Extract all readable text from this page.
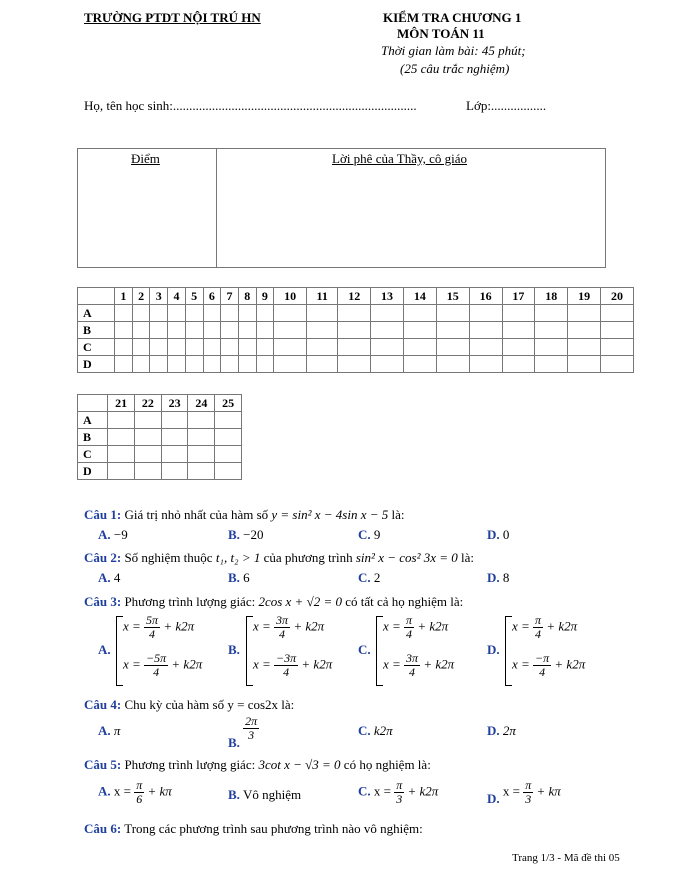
TRƯỜNG PTDT NỘI TRÚ HN	KIỂM TRA CHƯƠNG 1
MÔN TOÁN 11
Thời gian làm bài: 45 phút;
(25 câu trắc nghiệm)
Họ, tên học sinh:...........................................................................	Lớp:.................
Điểm	Lời phê của Thầy, cô giáo
	1	2	3	4	5	6	7	8	9	10	11	12	13	14	15	16	17	18	19	20
A																				
B																				
C																				
D																				
	21	22	23	24	25
A					
B					
C					
D					
Câu 1: Giá trị nhỏ nhất của hàm số y = sin² x − 4sin x − 5 là:
A. −9	B. −20	C. 9	D. 0
Câu 2: Số nghiệm thuộc t₁, t₂ > 1 của phương trình sin² x − cos² 3x = 0 là:
A. 4	B. 6	C. 2	D. 8
Câu 3: Phương trình lượng giác: 2cos x + √2 = 0 có tất cả họ nghiệm là:
A.
$x = \frac{5\pi}{4} + k2\pi$
$x = \frac{-5\pi}{4} + k2\pi$
B.
$x = \frac{3\pi}{4} + k2\pi$
$x = \frac{-3\pi}{4} + k2\pi$
C.
$x = \frac{\pi}{4} + k2\pi$
$x = \frac{3\pi}{4} + k2\pi$
D.
$x = \frac{\pi}{4} + k2\pi$
$x = \frac{-\pi}{4} + k2\pi$
Câu 4: Chu kỳ của hàm số y = cos2x là:
A. π
B.
$\frac{2\pi}{3}$	C. k2π	D. 2π
Câu 5: Phương trình lượng giác: 3cot x − √3 = 0 có họ nghiệm là:
A. $x = \frac{\pi}{6} + k\pi$	B. Vô nghiệm	C. $x = \frac{\pi}{3} + k2\pi$
D. $x = \frac{\pi}{3} + k\pi$
Câu 6: Trong các phương trình sau phương trình nào vô nghiệm:
Trang 1/3 - Mã đề thi 05
